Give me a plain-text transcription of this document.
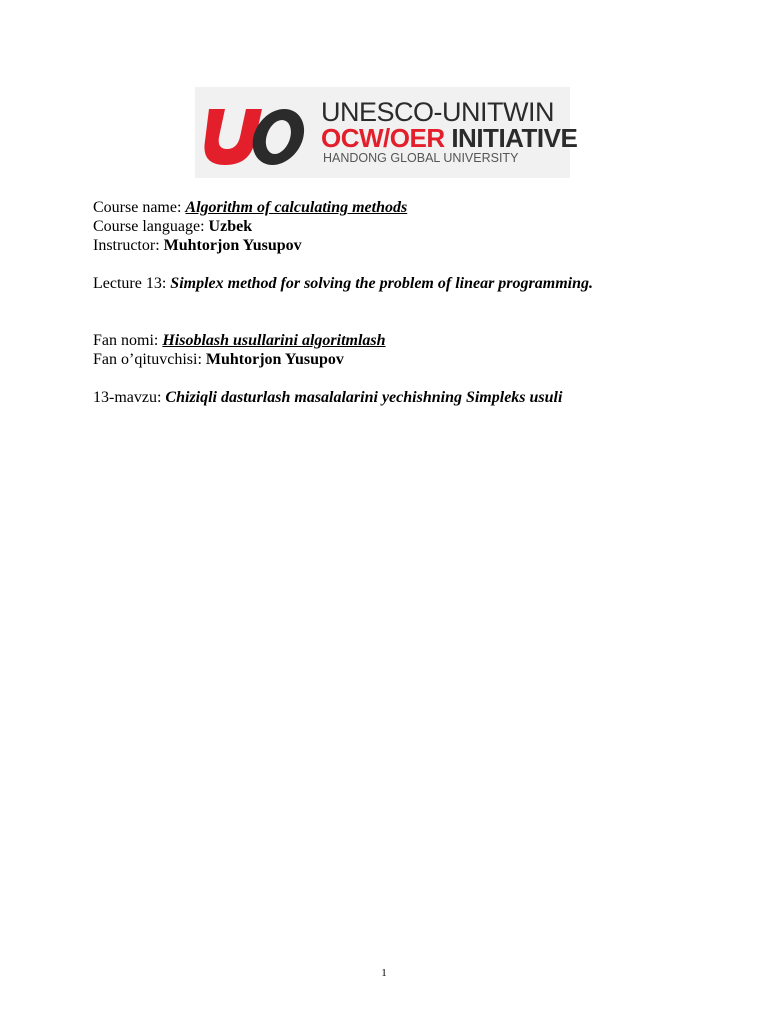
UNESCO-UNITWIN
OCW/OER INITIATIVE
HANDONG GLOBAL UNIVERSITY
Course name: Algorithm of calculating methods
Course language: Uzbek
Instructor: Muhtorjon Yusupov
Lecture 13: Simplex method for solving the problem of linear programming.
Fan nomi: Hisoblash usullarini algoritmlash
Fan o’qituvchisi: Muhtorjon Yusupov
13-mavzu: Chiziqli dasturlash masalalarini yechishning Simpleks usuli
1
